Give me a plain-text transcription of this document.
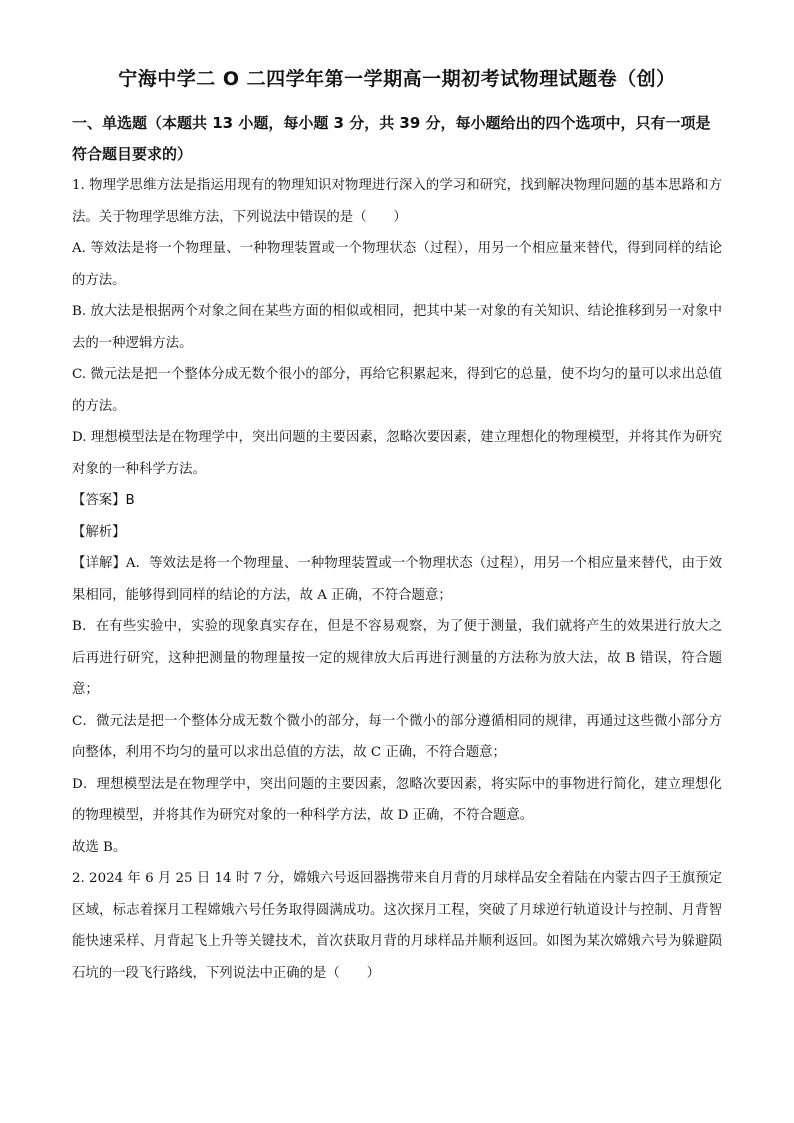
宁海中学二 O 二四学年第一学期高一期初考试物理试题卷（创）
一、单选题（本题共 13 小题，每小题 3 分，共 39 分，每小题给出的四个选项中，只有一项是符合题目要求的）

1. 物理学思维方法是指运用现有的物理知识对物理进行深入的学习和研究，找到解决物理问题的基本思路和方法。关于物理学思维方法，下列说法中错误的是（　　）

A. 等效法是将一个物理量、一种物理装置或一个物理状态（过程），用另一个相应量来替代，得到同样的结论的方法。

B. 放大法是根据两个对象之间在某些方面的相似或相同，把其中某一对象的有关知识、结论推移到另一对象中去的一种逻辑方法。

C. 微元法是把一个整体分成无数个很小的部分，再给它积累起来，得到它的总量，使不均匀的量可以求出总值的方法。

D. 理想模型法是在物理学中，突出问题的主要因素，忽略次要因素，建立理想化的物理模型，并将其作为研究对象的一种科学方法。

【答案】B

【解析】

【详解】A．等效法是将一个物理量、一种物理装置或一个物理状态（过程），用另一个相应量来替代，由于效果相同，能够得到同样的结论的方法，故 A 正确，不符合题意；

B．在有些实验中，实验的现象真实存在，但是不容易观察，为了便于测量，我们就将产生的效果进行放大之后再进行研究，这种把测量的物理量按一定的规律放大后再进行测量的方法称为放大法，故 B 错误，符合题意；

C．微元法是把一个整体分成无数个微小的部分，每一个微小的部分遵循相同的规律，再通过这些微小部分方向整体，利用不均匀的量可以求出总值的方法，故 C 正确，不符合题意；

D．理想模型法是在物理学中，突出问题的主要因素，忽略次要因素，将实际中的事物进行简化，建立理想化的物理模型，并将其作为研究对象的一种科学方法，故 D 正确，不符合题意。

故选 B。

2. 2024 年 6 月 25 日 14 时 7 分，嫦娥六号返回器携带来自月背的月球样品安全着陆在内蒙古四子王旗预定区域，标志着探月工程嫦娥六号任务取得圆满成功。这次探月工程，突破了月球逆行轨道设计与控制、月背智能快速采样、月背起飞上升等关键技术，首次获取月背的月球样品并顺利返回。如图为某次嫦娥六号为躲避陨石坑的一段飞行路线，下列说法中正确的是（　　）
